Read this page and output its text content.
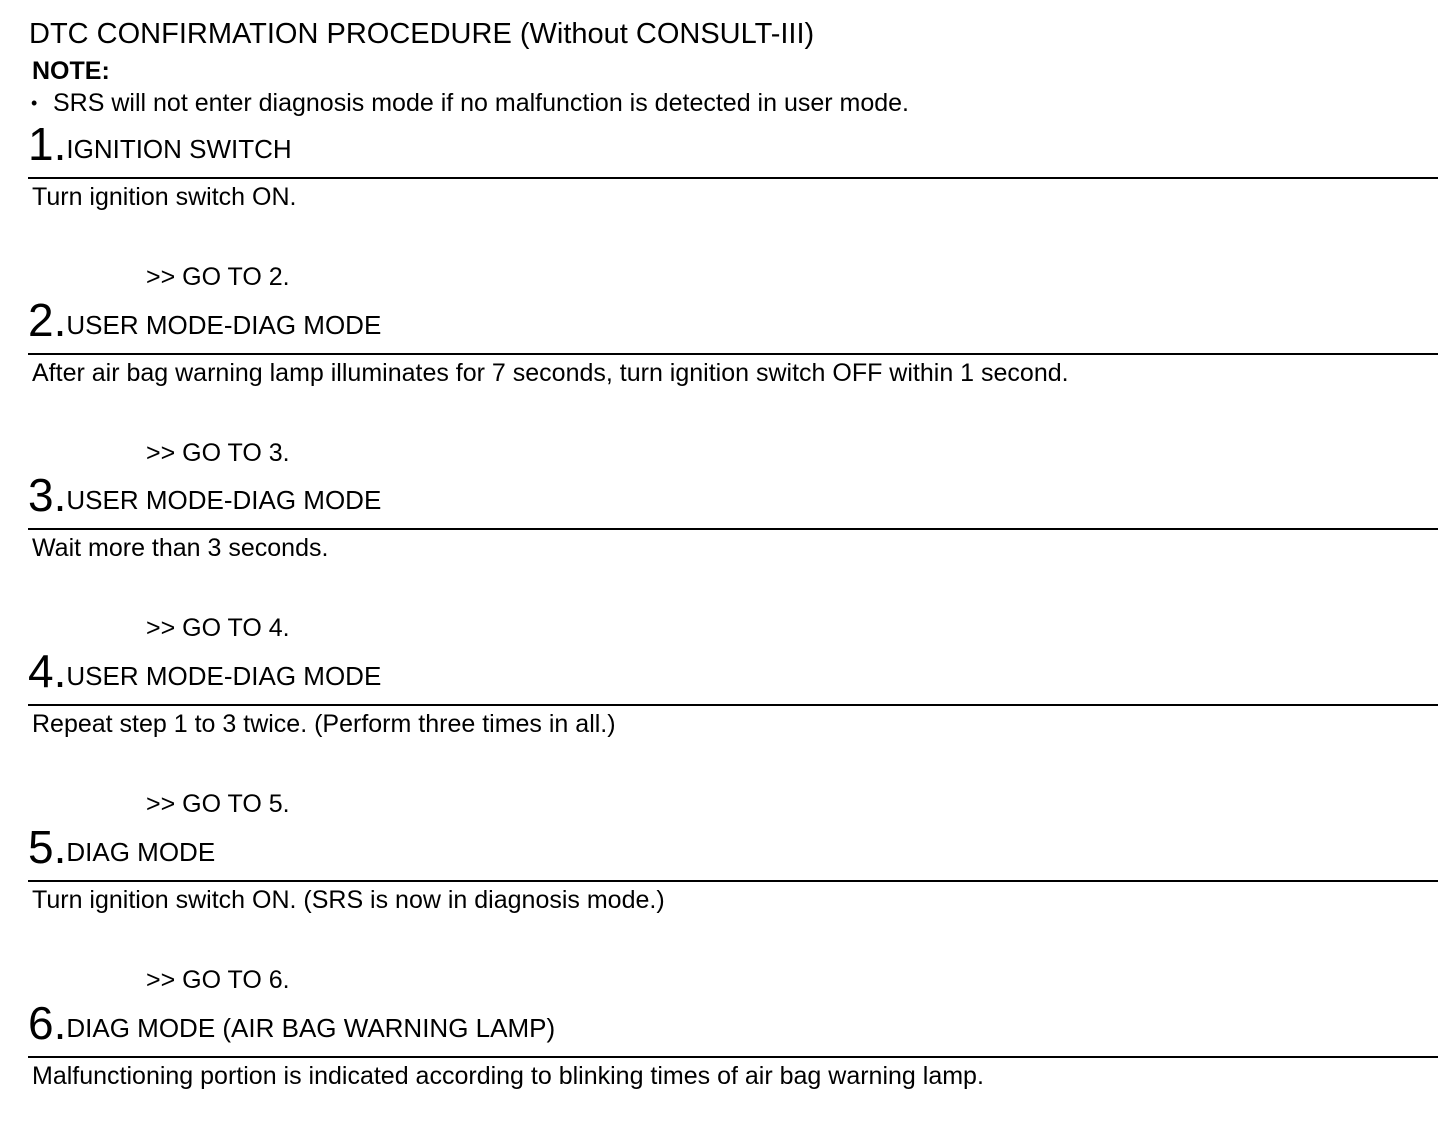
DTC CONFIRMATION PROCEDURE (Without CONSULT-III)
NOTE:
• SRS will not enter diagnosis mode if no malfunction is detected in user mode.
1.IGNITION SWITCH
Turn ignition switch ON.
>> GO TO 2.
2.USER MODE-DIAG MODE
After air bag warning lamp illuminates for 7 seconds, turn ignition switch OFF within 1 second.
>> GO TO 3.
3.USER MODE-DIAG MODE
Wait more than 3 seconds.
>> GO TO 4.
4.USER MODE-DIAG MODE
Repeat step 1 to 3 twice. (Perform three times in all.)
>> GO TO 5.
5.DIAG MODE
Turn ignition switch ON. (SRS is now in diagnosis mode.)
>> GO TO 6.
6.DIAG MODE (AIR BAG WARNING LAMP)
Malfunctioning portion is indicated according to blinking times of air bag warning lamp.
